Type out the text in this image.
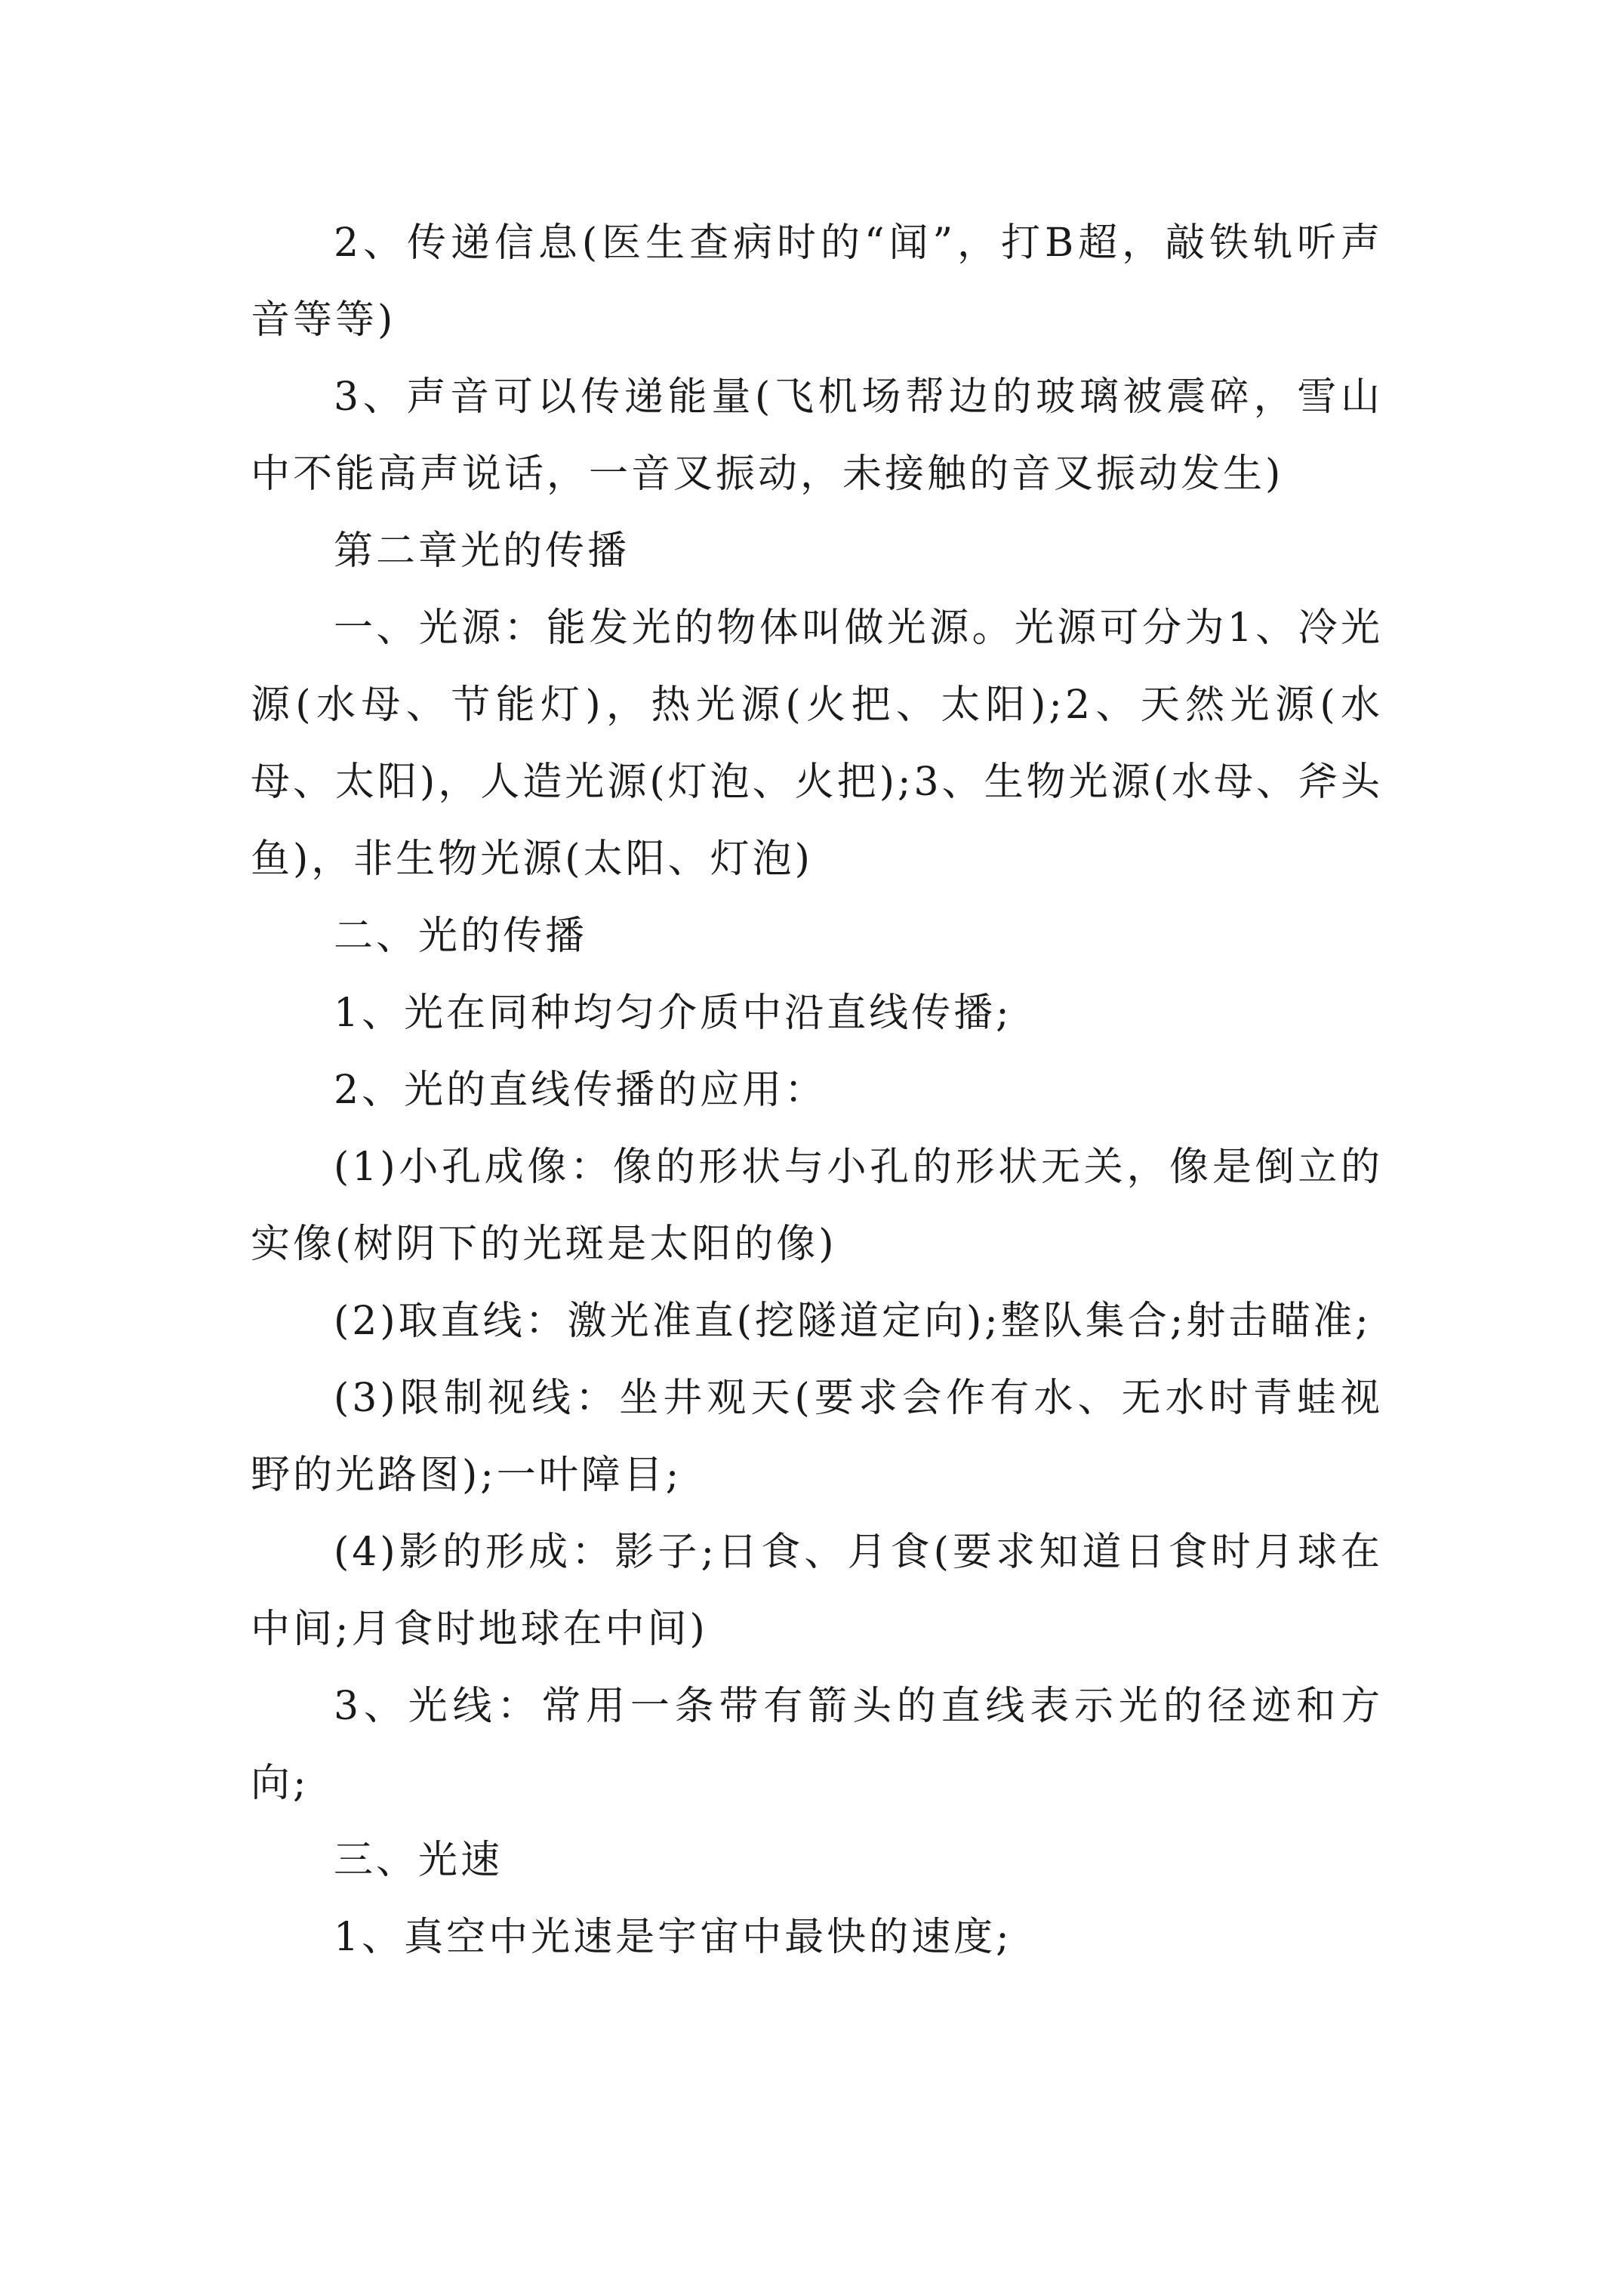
2、传递信息(医生查病时的“闻”，打B超，敲铁轨听声音等等)

3、声音可以传递能量(飞机场帮边的玻璃被震碎，雪山中不能高声说话，一音叉振动，未接触的音叉振动发生)

第二章光的传播

一、光源：能发光的物体叫做光源。光源可分为1、冷光源(水母、节能灯)，热光源(火把、太阳);2、天然光源(水母、太阳)，人造光源(灯泡、火把);3、生物光源(水母、斧头鱼)，非生物光源(太阳、灯泡)

二、光的传播

1、光在同种均匀介质中沿直线传播;

2、光的直线传播的应用：

(1)小孔成像：像的形状与小孔的形状无关，像是倒立的实像(树阴下的光斑是太阳的像)

(2)取直线：激光准直(挖隧道定向);整队集合;射击瞄准;

(3)限制视线：坐井观天(要求会作有水、无水时青蛙视野的光路图);一叶障目;

(4)影的形成：影子;日食、月食(要求知道日食时月球在中间;月食时地球在中间)

3、光线：常用一条带有箭头的直线表示光的径迹和方向;

三、光速

1、真空中光速是宇宙中最快的速度;
